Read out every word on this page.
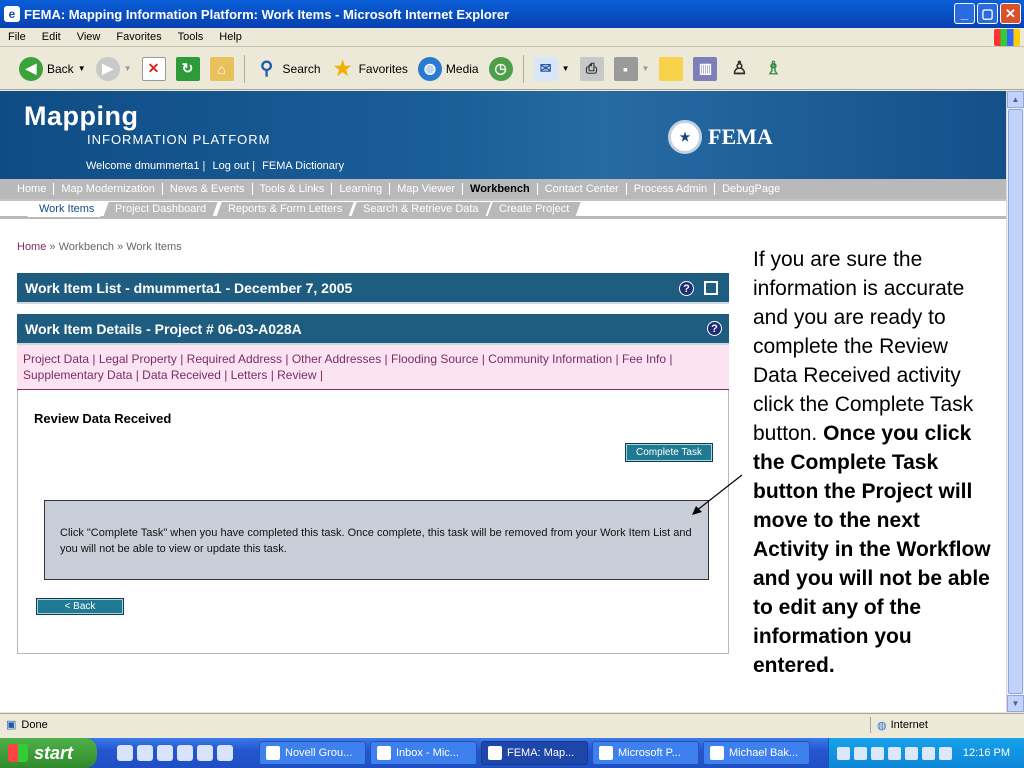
e FEMA: Mapping Information Platform: Work Items - Microsoft Internet Explorer	_	▢ ✕
File	Edit	View	Favorites	Tools	Help
◀ Back ▼	▶	▼	✕	↻	⌂	⚲ Search ★ Favorites	◍ Media	◷	✉	▼	⎙	▪	▼	▥ ♙ ♗
Mapping
INFORMATION PLATFORM
Welcome dmummerta1 | Log out | FEMA Dictionary
★ FEMA
Home	Map Modernization	News & Events	Tools & Links	Learning	Map Viewer	Workbench	Contact Center	Process Admin	DebugPage
Work Items	Project Dashboard	Reports & Form Letters	Search & Retrieve Data	Create Project
Home » Workbench » Work Items
Work Item List - dmummerta1 - December 7, 2005	?
Work Item Details - Project # 06-03-A028A	?
Project Data | Legal Property | Required Address | Other Addresses | Flooding Source | Community Information | Fee Info | Supplementary Data | Data Received | Letters | Review |
Review Data Received
Complete Task
Click "Complete Task" when you have completed this task. Once complete, this task will be removed from your Work Item List and you will not be able to view or update this task.
< Back
If you are sure the information is accurate and you are ready to complete the Review Data Received activity click the Complete Task button. Once you click the Complete Task button the Project will move to the next Activity in the Workflow and you will not be able to edit any of the information you entered.
▲
▼
▣ Done	◍ Internet
start	Novell Grou...	Inbox - Mic...	FEMA: Map...	Microsoft P...	Michael Bak...	12:16 PM
